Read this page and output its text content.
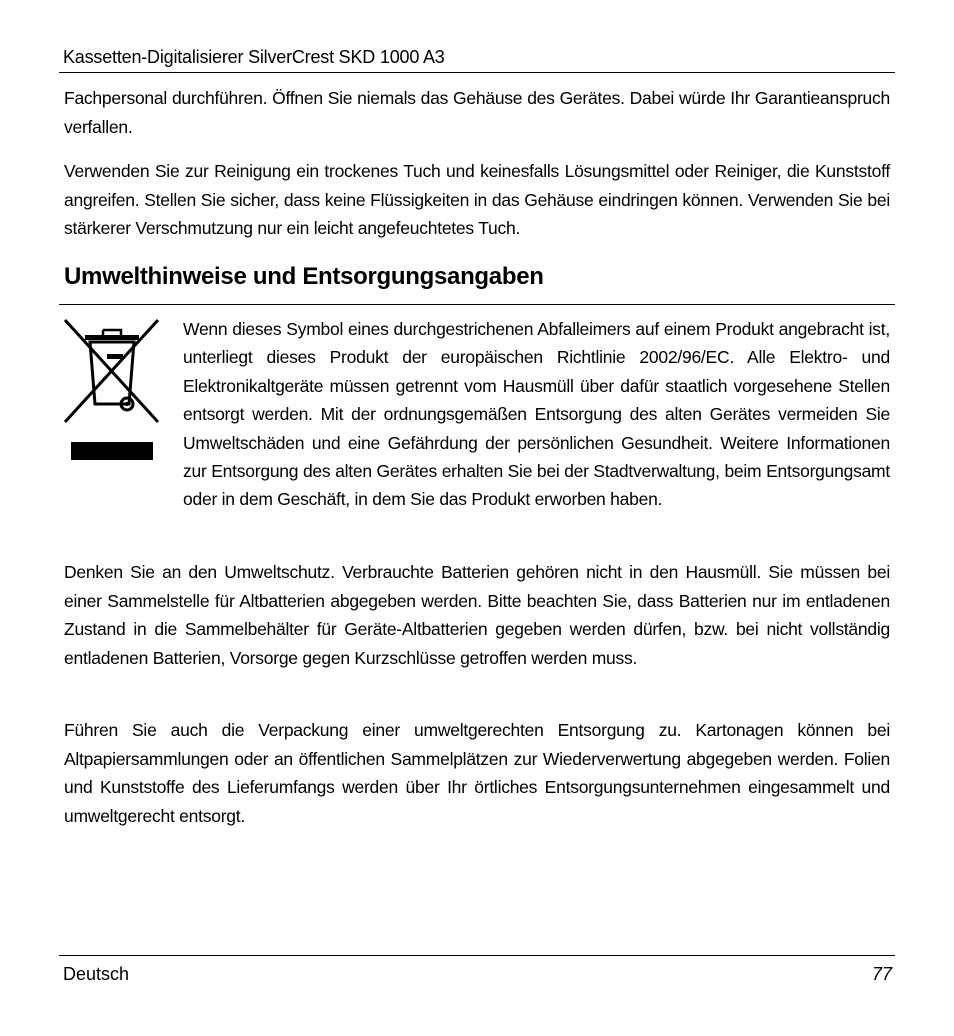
Kassetten-Digitalisierer SilverCrest SKD 1000 A3

Fachpersonal durchführen. Öffnen Sie niemals das Gehäuse des Gerätes. Dabei würde Ihr Garantieanspruch verfallen.

Verwenden Sie zur Reinigung ein trockenes Tuch und keinesfalls Lösungsmittel oder Reiniger, die Kunststoff angreifen. Stellen Sie sicher, dass keine Flüssigkeiten in das Gehäuse eindringen können. Verwenden Sie bei stärkerer Verschmutzung nur ein leicht angefeuchtetes Tuch.

Umwelthinweise und Entsorgungsangaben

Wenn dieses Symbol eines durchgestrichenen Abfalleimers auf einem Produkt angebracht ist, unterliegt dieses Produkt der europäischen Richtlinie 2002/96/EC. Alle Elektro- und Elektronikaltgeräte müssen getrennt vom Hausmüll über dafür staatlich vorgesehene Stellen entsorgt werden. Mit der ordnungsgemäßen Entsorgung des alten Gerätes vermeiden Sie Umweltschäden und eine Gefährdung der persönlichen Gesundheit. Weitere Informationen zur Entsorgung des alten Gerätes erhalten Sie bei der Stadtverwaltung, beim Entsorgungsamt oder in dem Geschäft, in dem Sie das Produkt erworben haben.

Denken Sie an den Umweltschutz. Verbrauchte Batterien gehören nicht in den Hausmüll. Sie müssen bei einer Sammelstelle für Altbatterien abgegeben werden. Bitte beachten Sie, dass Batterien nur im entladenen Zustand in die Sammelbehälter für Geräte-Altbatterien gegeben werden dürfen, bzw. bei nicht vollständig entladenen Batterien, Vorsorge gegen Kurzschlüsse getroffen werden muss.

Führen Sie auch die Verpackung einer umweltgerechten Entsorgung zu. Kartonagen können bei Altpapiersammlungen oder an öffentlichen Sammelplätzen zur Wiederverwertung abgegeben werden. Folien und Kunststoffe des Lieferumfangs werden über Ihr örtliches Entsorgungsunternehmen eingesammelt und umweltgerecht entsorgt.

Deutsch	77
